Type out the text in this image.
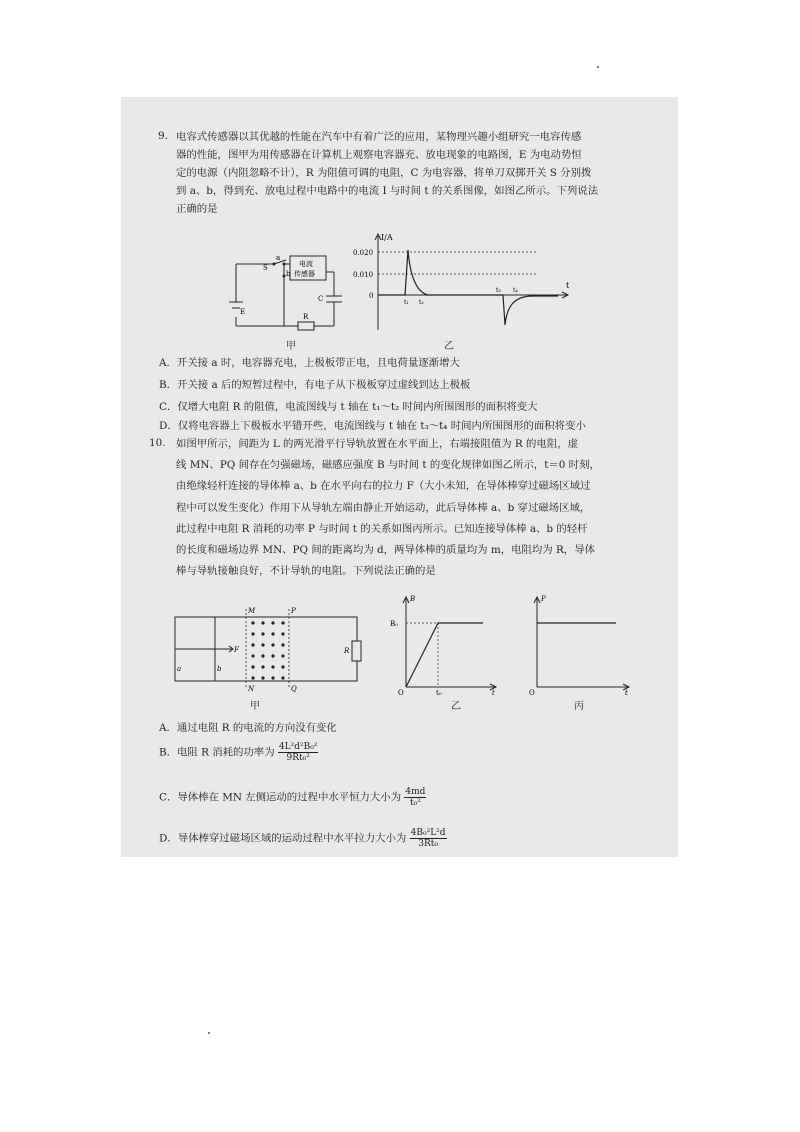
9. 电容式传感器以其优越的性能在汽车中有着广泛的应用，某物理兴趣小组研究一电容传感
器的性能，图甲为用传感器在计算机上观察电容器充、放电现象的电路图，E 为电动势恒
定的电源（内阻忽略不计），R 为阻值可调的电阻，C 为电容器，将单刀双掷开关 S 分别拨
到 a、b，得到充、放电过程中电路中的电流 I 与时间 t 的关系图像，如图乙所示。下列说法
正确的是
a
S
b
电流
传感器
C
E
R
甲
I/A
0.020
0.010
0
t₁ t₂
t₃ t₄
t
乙
A．开关接 a 时，电容器充电，上极板带正电，且电荷量逐渐增大
B．开关接 a 后的短暂过程中，有电子从下极板穿过虚线到达上极板
C．仅增大电阻 R 的阻值，电流图线与 t 轴在 t₁～t₂ 时间内所围图形的面积将变大
D．仅将电容器上下极板水平错开些，电流图线与 t 轴在 t₃～t₄ 时间内所围图形的面积将变小
10. 如图甲所示，间距为 L 的两光滑平行导轨放置在水平面上，右端接阻值为 R 的电阻，虚
线 MN、PQ 间存在匀强磁场，磁感应强度 B 与时间 t 的变化规律如图乙所示，t＝0 时刻，
由绝缘轻杆连接的导体棒 a、b 在水平向右的拉力 F（大小未知，在导体棒穿过磁场区域过
程中可以发生变化）作用下从导轨左端由静止开始运动，此后导体棒 a、b 穿过磁场区域，
此过程中电阻 R 消耗的功率 P 与时间 t 的关系如图丙所示。已知连接导体棒 a、b 的轻杆
的长度和磁场边界 MN、PQ 间的距离均为 d，两导体棒的质量均为 m，电阻均为 R，导体
棒与导轨接触良好，不计导轨的电阻。下列说法正确的是
M	P
N	Q
F
a	b
R
甲
B
B₀
O	t₀	t
乙
P
O	t
丙
A．通过电阻 R 的电流的方向没有变化
B．电阻 R 消耗的功率为 $\frac{\text{4L²d²B₀²}}{\text{9Rt₀²}}$
C．导体棒在 MN 左侧运动的过程中水平恒力大小为 $\frac{4md}{\text{t₀²}}$
D．导体棒穿过磁场区域的运动过程中水平拉力大小为 $\frac{\text{4B₀²L²d}}{\text{3Rt₀}}$
